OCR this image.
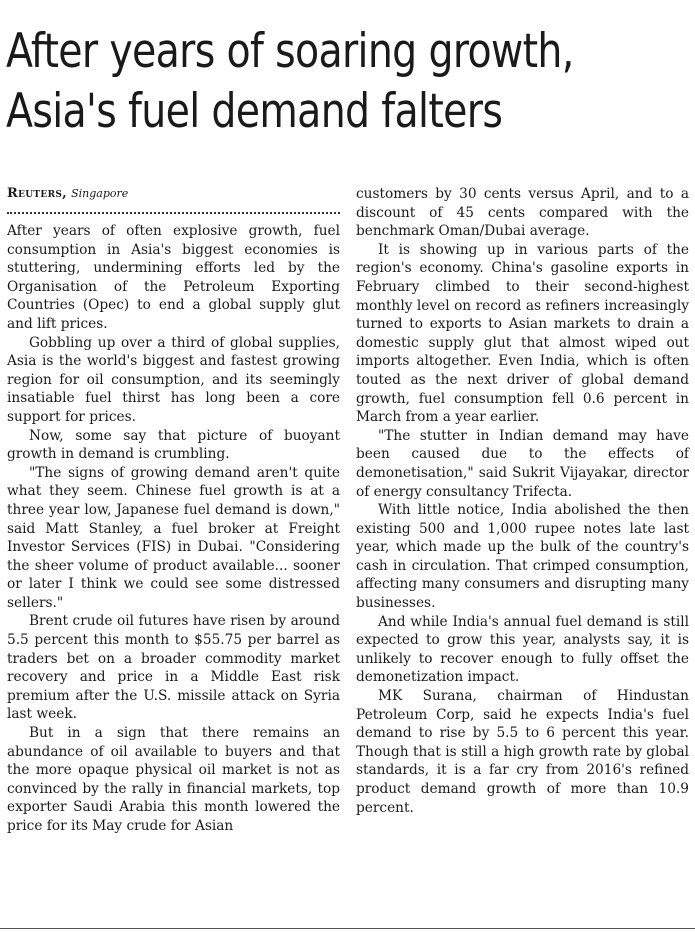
After years of soaring growth,
Asia's fuel demand falters

Reuters, Singapore

After years of often explosive growth, fuel consumption in Asia's biggest economies is stuttering, undermining efforts led by the Organisation of the Petroleum Exporting Countries (Opec) to end a global supply glut and lift prices.

Gobbling up over a third of global supplies, Asia is the world's biggest and fastest growing region for oil consumption, and its seemingly insatiable fuel thirst has long been a core support for prices.

Now, some say that picture of buoyant growth in demand is crumbling.

"The signs of growing demand aren't quite what they seem. Chinese fuel growth is at a three year low, Japanese fuel demand is down," said Matt Stanley, a fuel broker at Freight Investor Services (FIS) in Dubai. "Considering the sheer volume of product available... sooner or later I think we could see some distressed sellers."

Brent crude oil futures have risen by around 5.5 percent this month to $55.75 per barrel as traders bet on a broader commodity market recovery and price in a Middle East risk premium after the U.S. missile attack on Syria last week.

But in a sign that there remains an abundance of oil available to buyers and that the more opaque physical oil market is not as convinced by the rally in financial markets, top exporter Saudi Arabia this month lowered the price for its May crude for Asian

customers by 30 cents versus April, and to a discount of 45 cents compared with the benchmark Oman/Dubai average.

It is showing up in various parts of the region's economy. China's gasoline exports in February climbed to their second-highest monthly level on record as refiners increasingly turned to exports to Asian markets to drain a domestic supply glut that almost wiped out imports altogether. Even India, which is often touted as the next driver of global demand growth, fuel consumption fell 0.6 percent in March from a year earlier.

"The stutter in Indian demand may have been caused due to the effects of demonetisation," said Sukrit Vijayakar, director of energy consultancy Trifecta.

With little notice, India abolished the then existing 500 and 1,000 rupee notes late last year, which made up the bulk of the country's cash in circulation. That crimped consumption, affecting many consumers and disrupting many businesses.

And while India's annual fuel demand is still expected to grow this year, analysts say, it is unlikely to recover enough to fully offset the demonetization impact.

MK Surana, chairman of Hindustan Petroleum Corp, said he expects India's fuel demand to rise by 5.5 to 6 percent this year. Though that is still a high growth rate by global standards, it is a far cry from 2016's refined product demand growth of more than 10.9 percent.
